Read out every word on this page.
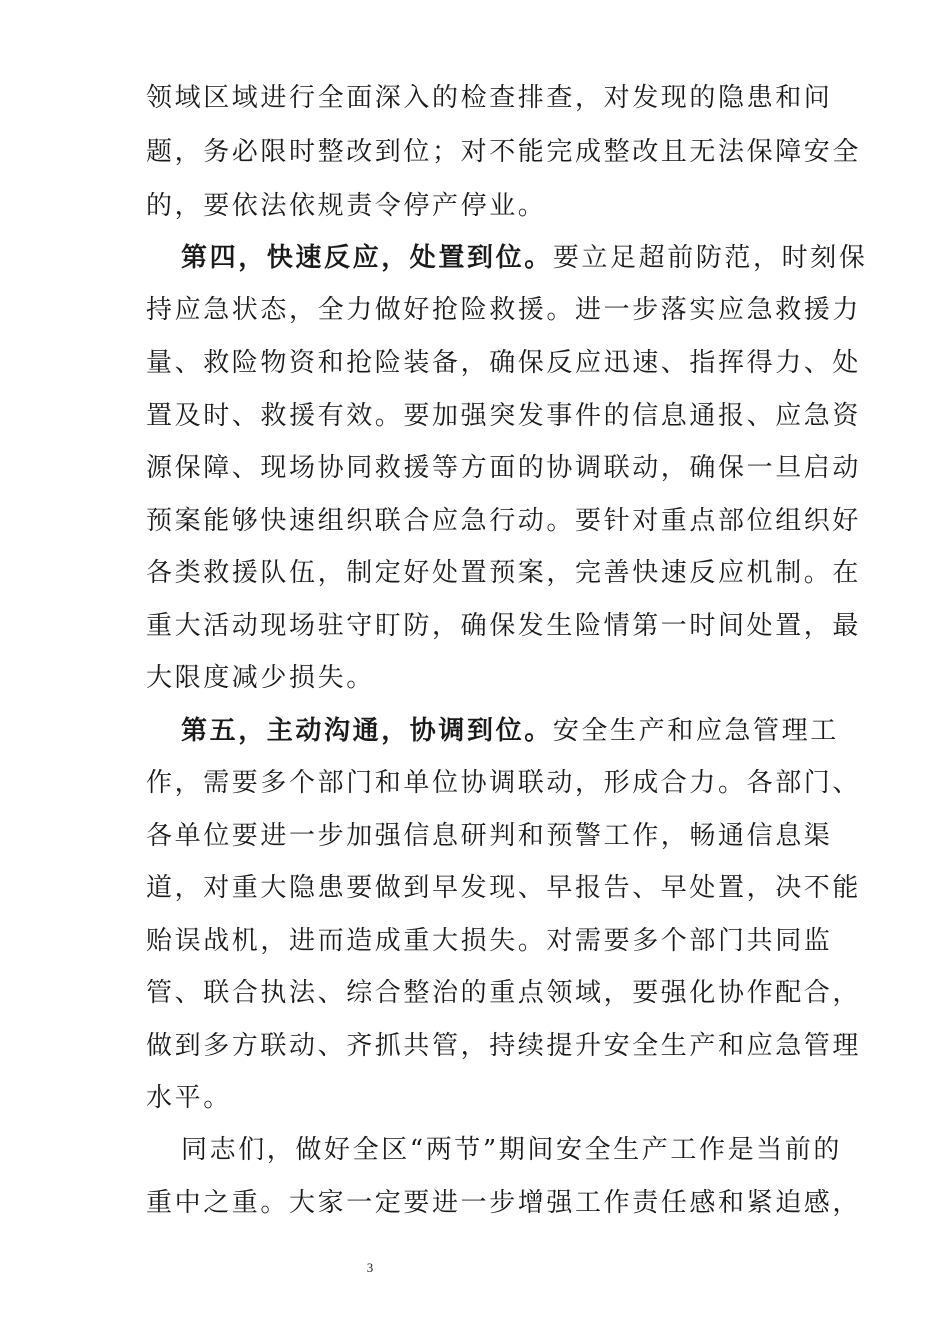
领域区域进行全面深入的检查排查，对发现的隐患和问
题，务必限时整改到位；对不能完成整改且无法保障安全
的，要依法依规责令停产停业。
第四，快速反应，处置到位。要立足超前防范，时刻保
持应急状态，全力做好抢险救援。进一步落实应急救援力
量、救险物资和抢险装备，确保反应迅速、指挥得力、处
置及时、救援有效。要加强突发事件的信息通报、应急资
源保障、现场协同救援等方面的协调联动，确保一旦启动
预案能够快速组织联合应急行动。要针对重点部位组织好
各类救援队伍，制定好处置预案，完善快速反应机制。在
重大活动现场驻守盯防，确保发生险情第一时间处置，最
大限度减少损失。
第五，主动沟通，协调到位。安全生产和应急管理工
作，需要多个部门和单位协调联动，形成合力。各部门、
各单位要进一步加强信息研判和预警工作，畅通信息渠
道，对重大隐患要做到早发现、早报告、早处置，决不能
贻误战机，进而造成重大损失。对需要多个部门共同监
管、联合执法、综合整治的重点领域，要强化协作配合，
做到多方联动、齐抓共管，持续提升安全生产和应急管理
水平。
同志们，做好全区“两节”期间安全生产工作是当前的
重中之重。大家一定要进一步增强工作责任感和紧迫感，
3
